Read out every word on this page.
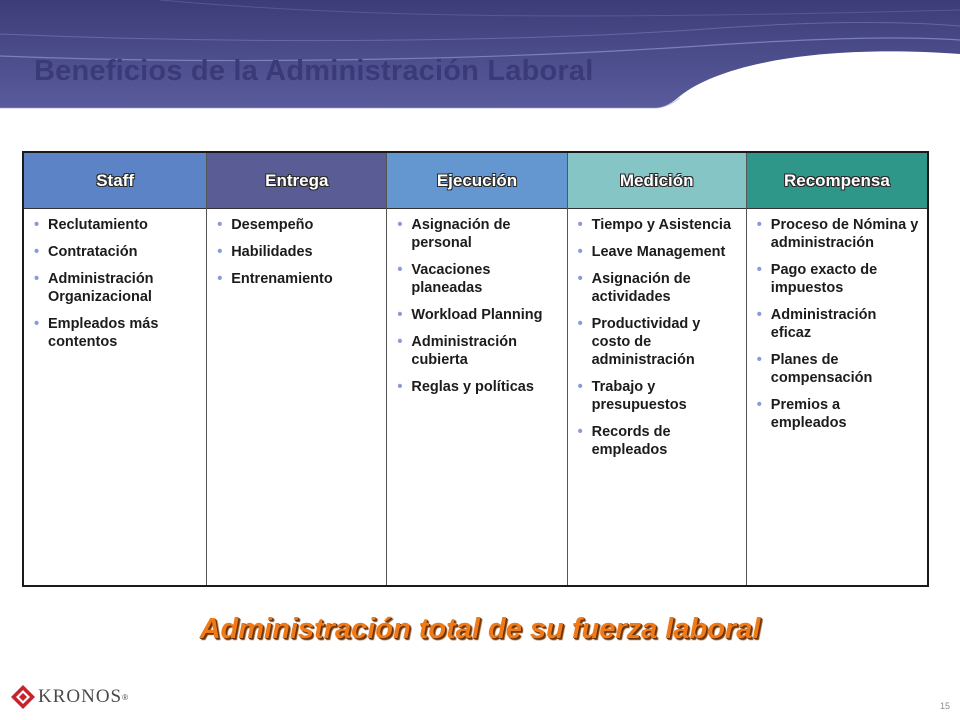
Beneficios de la Administración Laboral
Staff
• Reclutamiento
• Contratación
• Administración Organizacional
• Empleados más contentos
Entrega
• Desempeño
• Habilidades
• Entrenamiento
Ejecución
• Asignación de personal
• Vacaciones planeadas
• Workload Planning
• Administración cubierta
• Reglas y políticas
Medición
• Tiempo y Asistencia
• Leave Management
• Asignación de actividades
• Productividad y costo de administración
• Trabajo y presupuestos
• Records de empleados
Recompensa
• Proceso de Nómina y administración
• Pago exacto de impuestos
• Administración eficaz
• Planes de compensación
• Premios a empleados

Administración total de su fuerza laboral

KRONOS ®
15
